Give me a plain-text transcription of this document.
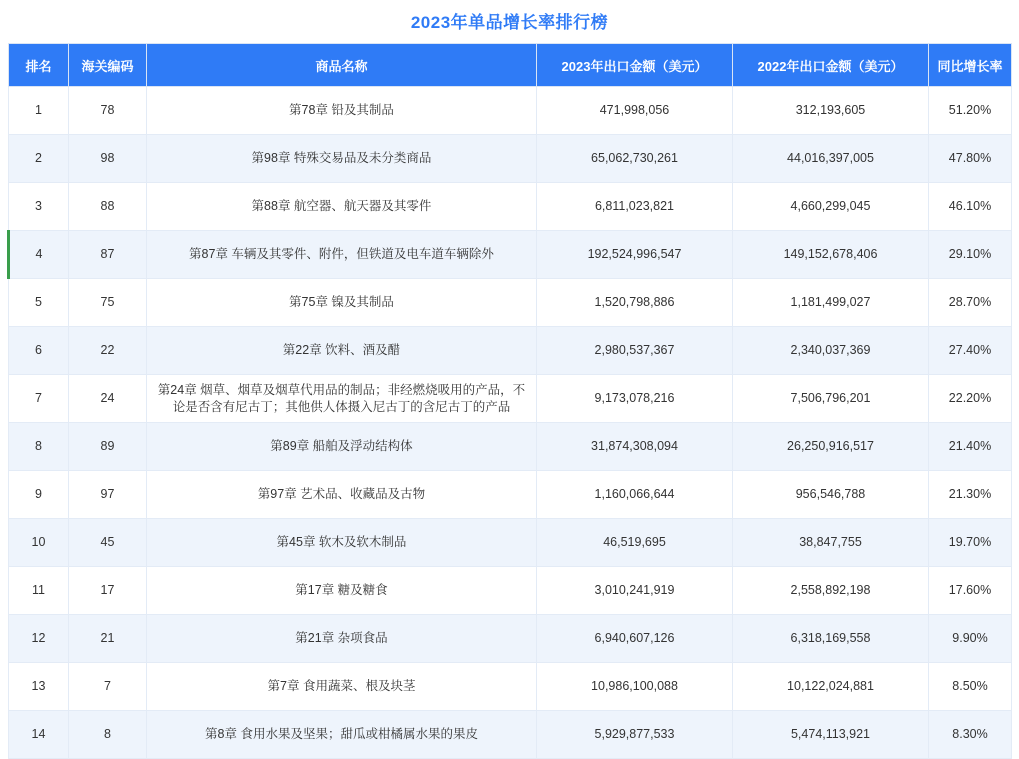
2023年单品增长率排行榜
排名	海关编码	商品名称	2023年出口金额（美元）	2022年出口金额（美元）	同比增长率
1	78	第78章 铅及其制品	471,998,056	312,193,605	51.20%
2	98	第98章 特殊交易品及未分类商品	65,062,730,261	44,016,397,005	47.80%
3	88	第88章 航空器、航天器及其零件	6,811,023,821	4,660,299,045	46.10%
4	87	第87章 车辆及其零件、附件，但铁道及电车道车辆除外	192,524,996,547	149,152,678,406	29.10%
5	75	第75章 镍及其制品	1,520,798,886	1,181,499,027	28.70%
6	22	第22章 饮料、酒及醋	2,980,537,367	2,340,037,369	27.40%
7	24	第24章 烟草、烟草及烟草代用品的制品；非经燃烧吸用的产品，不论是否含有尼古丁；其他供人体摄入尼古丁的含尼古丁的产品	9,173,078,216	7,506,796,201	22.20%
8	89	第89章 船舶及浮动结构体	31,874,308,094	26,250,916,517	21.40%
9	97	第97章 艺术品、收藏品及古物	1,160,066,644	956,546,788	21.30%
10	45	第45章 软木及软木制品	46,519,695	38,847,755	19.70%
11	17	第17章 糖及糖食	3,010,241,919	2,558,892,198	17.60%
12	21	第21章 杂项食品	6,940,607,126	6,318,169,558	9.90%
13	7	第7章 食用蔬菜、根及块茎	10,986,100,088	10,122,024,881	8.50%
14	8	第8章 食用水果及坚果；甜瓜或柑橘属水果的果皮	5,929,877,533	5,474,113,921	8.30%
